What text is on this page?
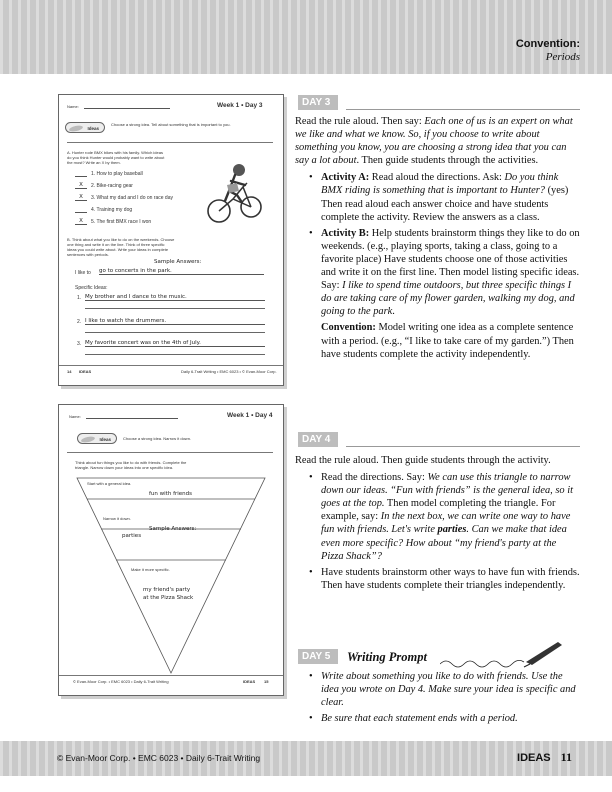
Convention:
Periods
© Evan-Moor Corp. • EMC 6023 • Daily 6-Trait Writing	IDEAS 11
Name:	Week 1 • Day 3
Ideas
Choose a strong idea. Tell about something that is important to you.
A. Hunter rode BMX bikes with his family. Which ideas
do you think Hunter would probably want to write about
the most? Write an X by them.
1. How to play baseball
X	2. Bike-racing gear
X	3. What my dad and I do on race day
4. Training my dog
X	5. The first BMX race I won
B. Think about what you like to do on the weekends. Choose
one thing and write it on the line. Think of three specific
ideas you could write about. Write your ideas in complete
sentences with periods.
Sample Answers:
I like to go to concerts in the park.
Specific Ideas:
1. My brother and I dance to the music.
2. I like to watch the drummers.
3. My favorite concert was on the 4th of July.
14 IDEAS	Daily 6-Trait Writing • EMC 6023 • © Evan-Moor Corp.
Name:	Week 1 • Day 4
Ideas	Choose a strong idea. Narrow it down.
Think about fun things you like to do with friends. Complete the
triangle. Narrow down your ideas into one specific idea.
Start with a general idea.
fun with friends
Narrow it down.
Sample Answers:
parties
Make it more specific.
my friend's party
at the Pizza Shack
© Evan-Moor Corp. • EMC 6023 • Daily 6-Trait Writing	IDEAS 15
DAY 3

Read the rule aloud. Then say: Each one of us is an expert on what we like and what we know. So, if you choose to write about something you know, you are choosing a strong idea that you can say a lot about. Then guide students through the activities.

• Activity A: Read aloud the directions. Ask: Do you think BMX riding is something that is important to Hunter? (yes) Then read aloud each answer choice and have students complete the activity. Review the answers as a class.
• Activity B: Help students brainstorm things they like to do on weekends. (e.g., playing sports, taking a class, going to a favorite place) Have students choose one of those activities and write it on the first line. Then model listing specific ideas. Say: I like to spend time outdoors, but three specific things I do are taking care of my flower garden, walking my dog, and going to the park.

Convention: Model writing one idea as a complete sentence with a period. (e.g., “I like to take care of my garden.”) Then have students complete the activity independently.

DAY 4

Read the rule aloud. Then guide students through the activity.

• Read the directions. Say: We can use this triangle to narrow down our ideas. “Fun with friends” is the general idea, so it goes at the top. Then model completing the triangle. For example, say: In the next box, we can write one way to have fun with friends. Let's write parties. Can we make that idea even more specific? How about “my friend's party at the Pizza Shack”?
• Have students brainstorm other ways to have fun with friends. Then have students complete their triangles independently.
DAY 5	Writing Prompt
• Write about something you like to do with friends. Use the idea you wrote on Day 4. Make sure your idea is specific and clear.
• Be sure that each statement ends with a period.
